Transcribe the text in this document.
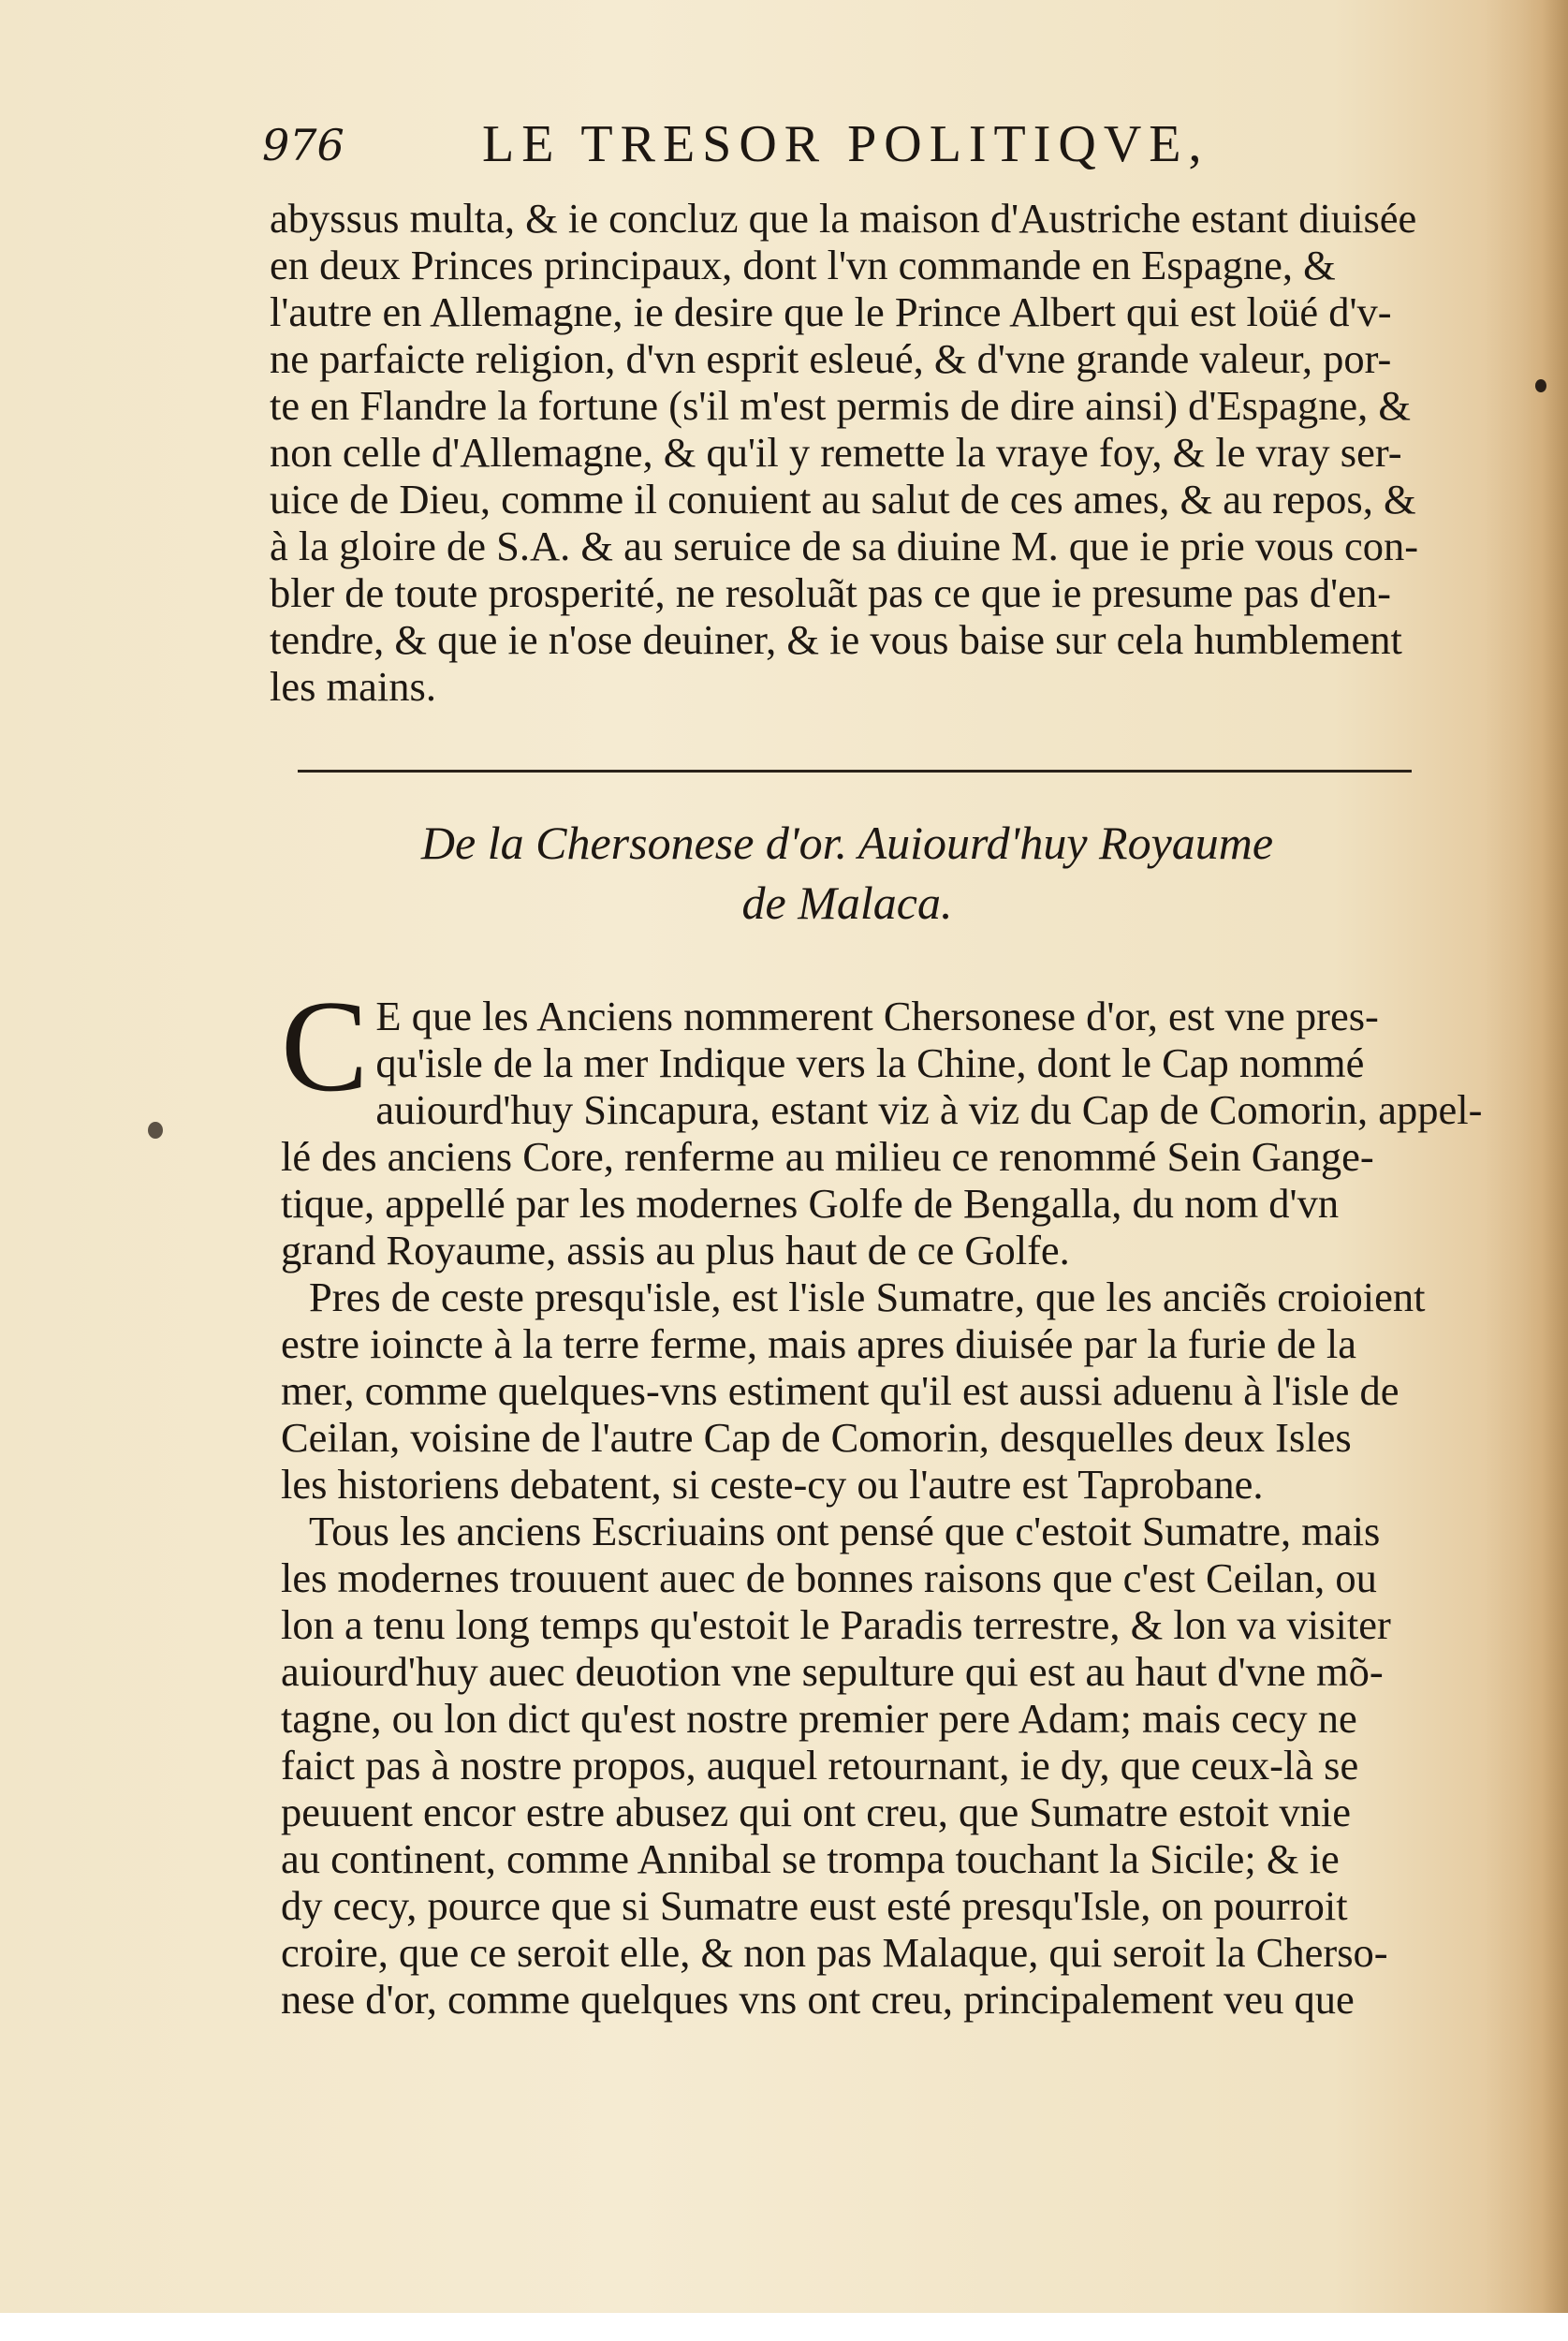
976	LE TRESOR POLITIQVE,
abyssus multa, & ie concluz que la maison d'Austriche estant diuisée
en deux Princes principaux, dont l'vn commande en Espagne, &
l'autre en Allemagne, ie desire que le Prince Albert qui est loüé d'v-
ne parfaicte religion, d'vn esprit esleué, & d'vne grande valeur, por-
te en Flandre la fortune (s'il m'est permis de dire ainsi) d'Espagne, &
non celle d'Allemagne, & qu'il y remette la vraye foy, & le vray ser-
uice de Dieu, comme il conuient au salut de ces ames, & au repos, &
à la gloire de S.A. & au seruice de sa diuine M. que ie prie vous con-
bler de toute prosperité, ne resoluãt pas ce que ie presume pas d'en-
tendre, & que ie n'ose deuiner, & ie vous baise sur cela humblement
les mains.
De la Chersonese d'or. Auiourd'huy Royaume
de Malaca.
C E que les Anciens nommerent Chersonese d'or, est vne pres-
qu'isle de la mer Indique vers la Chine, dont le Cap nommé
auiourd'huy Sincapura, estant viz à viz du Cap de Comorin, appel-
lé des anciens Core, renferme au milieu ce renommé Sein Gange-
tique, appellé par les modernes Golfe de Bengalla, du nom d'vn
grand Royaume, assis au plus haut de ce Golfe.
Pres de ceste presqu'isle, est l'isle Sumatre, que les anciẽs croioient
estre ioincte à la terre ferme, mais apres diuisée par la furie de la
mer, comme quelques-vns estiment qu'il est aussi aduenu à l'isle de
Ceilan, voisine de l'autre Cap de Comorin, desquelles deux Isles
les historiens debatent, si ceste-cy ou l'autre est Taprobane.
Tous les anciens Escriuains ont pensé que c'estoit Sumatre, mais
les modernes trouuent auec de bonnes raisons que c'est Ceilan, ou
lon a tenu long temps qu'estoit le Paradis terrestre, & lon va visiter
auiourd'huy auec deuotion vne sepulture qui est au haut d'vne mõ-
tagne, ou lon dict qu'est nostre premier pere Adam; mais cecy ne
faict pas à nostre propos, auquel retournant, ie dy, que ceux-là se
peuuent encor estre abusez qui ont creu, que Sumatre estoit vnie
au continent, comme Annibal se trompa touchant la Sicile; & ie
dy cecy, pource que si Sumatre eust esté presqu'Isle, on pourroit
croire, que ce seroit elle, & non pas Malaque, qui seroit la Cherso-
nese d'or, comme quelques vns ont creu, principalement veu que
